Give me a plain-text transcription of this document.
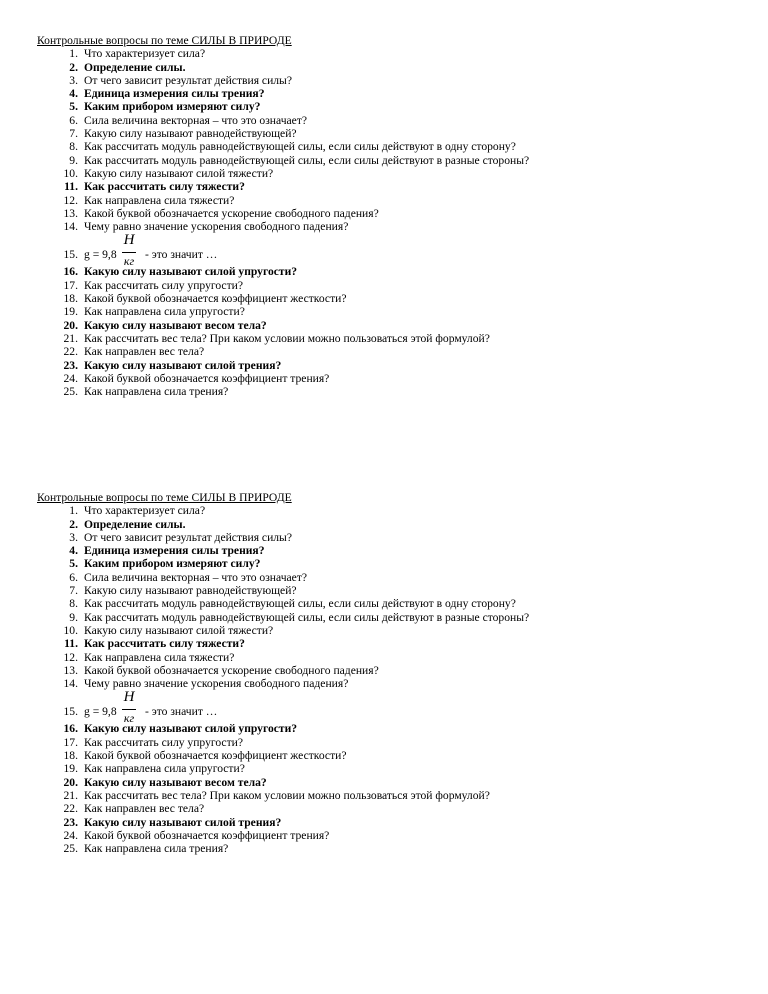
Контрольные вопросы по теме СИЛЫ В ПРИРОДЕ
1. Что характеризует сила?
2. Определение силы.
3. От чего зависит результат действия силы?
4. Единица измерения силы трения?
5. Каким прибором измеряют силу?
6. Сила величина векторная – что это означает?
7. Какую силу называют равнодействующей?
8. Как рассчитать модуль равнодействующей силы, если силы действуют в одну сторону?
9. Как рассчитать модуль равнодействующей силы, если силы действуют в разные стороны?
10. Какую силу называют силой тяжести?
11. Как рассчитать силу тяжести?
12. Как направлена сила тяжести?
13. Какой буквой обозначается ускорение свободного падения?
14. Чему равно значение ускорения свободного падения?
15. g = 9,8
Н
кг - это значит …
16. Какую силу называют силой упругости?
17. Как рассчитать силу упругости?
18. Какой буквой обозначается коэффициент жесткости?
19. Как направлена сила упругости?
20. Какую силу называют весом тела?
21. Как рассчитать вес тела? При каком условии можно пользоваться этой формулой?
22. Как направлен вес тела?
23. Какую силу называют силой трения?
24. Какой буквой обозначается коэффициент трения?
25. Как направлена сила трения?
Контрольные вопросы по теме СИЛЫ В ПРИРОДЕ
1. Что характеризует сила?
2. Определение силы.
3. От чего зависит результат действия силы?
4. Единица измерения силы трения?
5. Каким прибором измеряют силу?
6. Сила величина векторная – что это означает?
7. Какую силу называют равнодействующей?
8. Как рассчитать модуль равнодействующей силы, если силы действуют в одну сторону?
9. Как рассчитать модуль равнодействующей силы, если силы действуют в разные стороны?
10. Какую силу называют силой тяжести?
11. Как рассчитать силу тяжести?
12. Как направлена сила тяжести?
13. Какой буквой обозначается ускорение свободного падения?
14. Чему равно значение ускорения свободного падения?
15. g = 9,8
Н
кг - это значит …
16. Какую силу называют силой упругости?
17. Как рассчитать силу упругости?
18. Какой буквой обозначается коэффициент жесткости?
19. Как направлена сила упругости?
20. Какую силу называют весом тела?
21. Как рассчитать вес тела? При каком условии можно пользоваться этой формулой?
22. Как направлен вес тела?
23. Какую силу называют силой трения?
24. Какой буквой обозначается коэффициент трения?
25. Как направлена сила трения?
